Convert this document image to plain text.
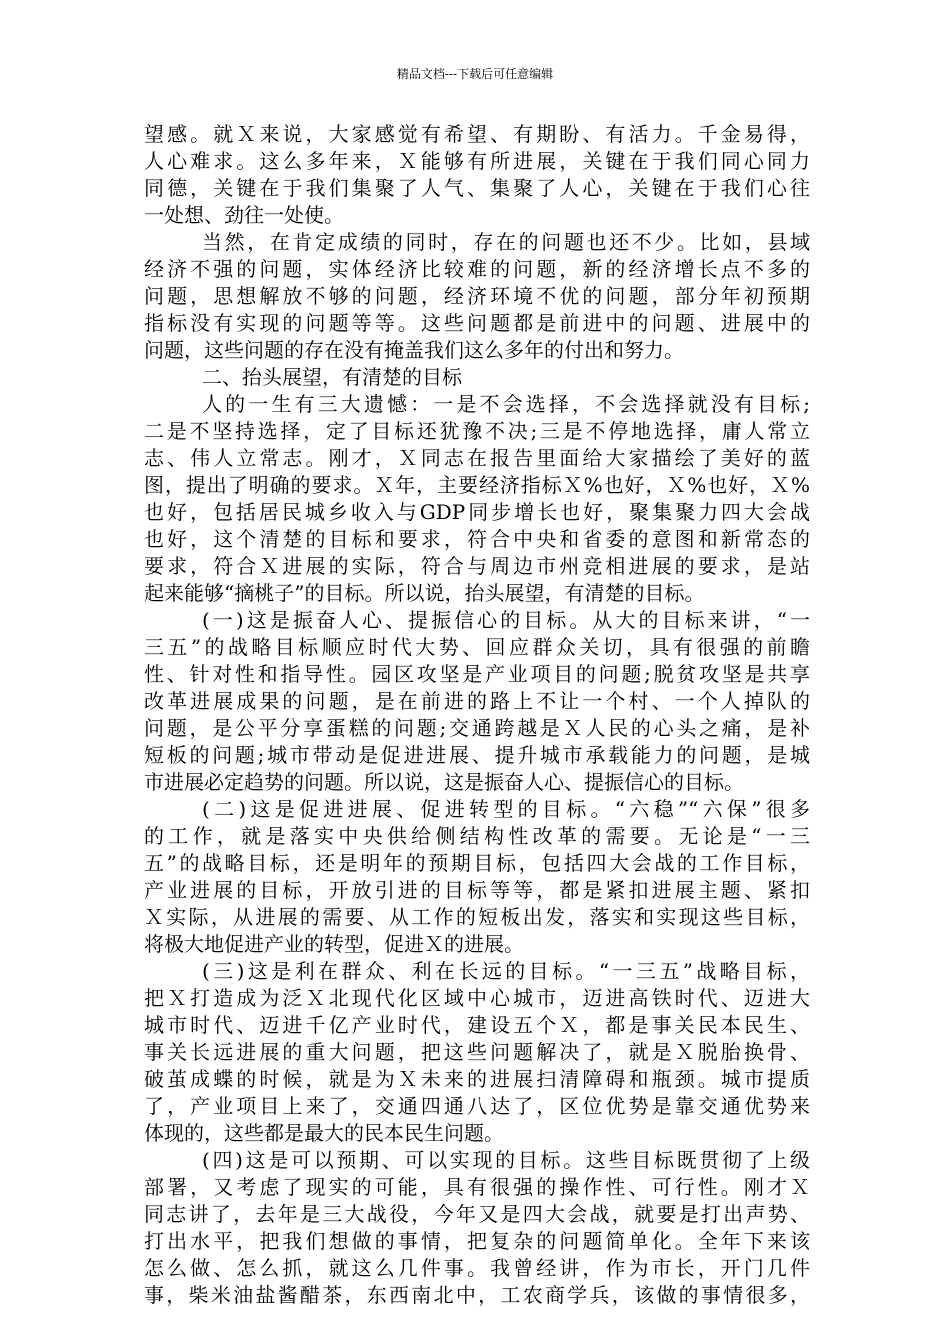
精品文档---下载后可任意编辑
望感。就Ｘ来说，大家感觉有希望、有期盼、有活力。千金易得，
人心难求。这么多年来，Ｘ能够有所进展，关键在于我们同心同力
同德，关键在于我们集聚了人气、集聚了人心，关键在于我们心往
一处想、劲往一处使。
当然，在肯定成绩的同时，存在的问题也还不少。比如，县域
经济不强的问题，实体经济比较难的问题，新的经济增长点不多的
问题，思想解放不够的问题，经济环境不优的问题，部分年初预期
指标没有实现的问题等等。这些问题都是前进中的问题、进展中的
问题，这些问题的存在没有掩盖我们这么多年的付出和努力。
二、抬头展望，有清楚的目标
人的一生有三大遗憾：一是不会选择，不会选择就没有目标;
二是不坚持选择，定了目标还犹豫不决;三是不停地选择，庸人常立
志、伟人立常志。刚才，Ｘ同志在报告里面给大家描绘了美好的蓝
图，提出了明确的要求。Ｘ年，主要经济指标Ｘ%也好，Ｘ%也好，Ｘ%
也好，包括居民城乡收入与GDP同步增长也好，聚集聚力四大会战
也好，这个清楚的目标和要求，符合中央和省委的意图和新常态的
要求，符合Ｘ进展的实际，符合与周边市州竞相进展的要求，是站
起来能够“摘桃子”的目标。所以说，抬头展望，有清楚的目标。
(一)这是振奋人心、提振信心的目标。从大的目标来讲，“一
三五”的战略目标顺应时代大势、回应群众关切，具有很强的前瞻
性、针对性和指导性。园区攻坚是产业项目的问题;脱贫攻坚是共享
改革进展成果的问题，是在前进的路上不让一个村、一个人掉队的
问题，是公平分享蛋糕的问题;交通跨越是Ｘ人民的心头之痛，是补
短板的问题;城市带动是促进进展、提升城市承载能力的问题，是城
市进展必定趋势的问题。所以说，这是振奋人心、提振信心的目标。
(二)这是促进进展、促进转型的目标。“六稳”“六保”很多
的工作，就是落实中央供给侧结构性改革的需要。无论是“一三
五”的战略目标，还是明年的预期目标，包括四大会战的工作目标，
产业进展的目标，开放引进的目标等等，都是紧扣进展主题、紧扣
Ｘ实际，从进展的需要、从工作的短板出发，落实和实现这些目标，
将极大地促进产业的转型，促进Ｘ的进展。
(三)这是利在群众、利在长远的目标。“一三五”战略目标，
把Ｘ打造成为泛Ｘ北现代化区域中心城市，迈进高铁时代、迈进大
城市时代、迈进千亿产业时代，建设五个Ｘ，都是事关民本民生、
事关长远进展的重大问题，把这些问题解决了，就是Ｘ脱胎换骨、
破茧成蝶的时候，就是为Ｘ未来的进展扫清障碍和瓶颈。城市提质
了，产业项目上来了，交通四通八达了，区位优势是靠交通优势来
体现的，这些都是最大的民本民生问题。
(四)这是可以预期、可以实现的目标。这些目标既贯彻了上级
部署，又考虑了现实的可能，具有很强的操作性、可行性。刚才Ｘ
同志讲了，去年是三大战役，今年又是四大会战，就要是打出声势、
打出水平，把我们想做的事情，把复杂的问题简单化。全年下来该
怎么做、怎么抓，就这么几件事。我曾经讲，作为市长，开门几件
事，柴米油盐酱醋茶，东西南北中，工农商学兵，该做的事情很多，
